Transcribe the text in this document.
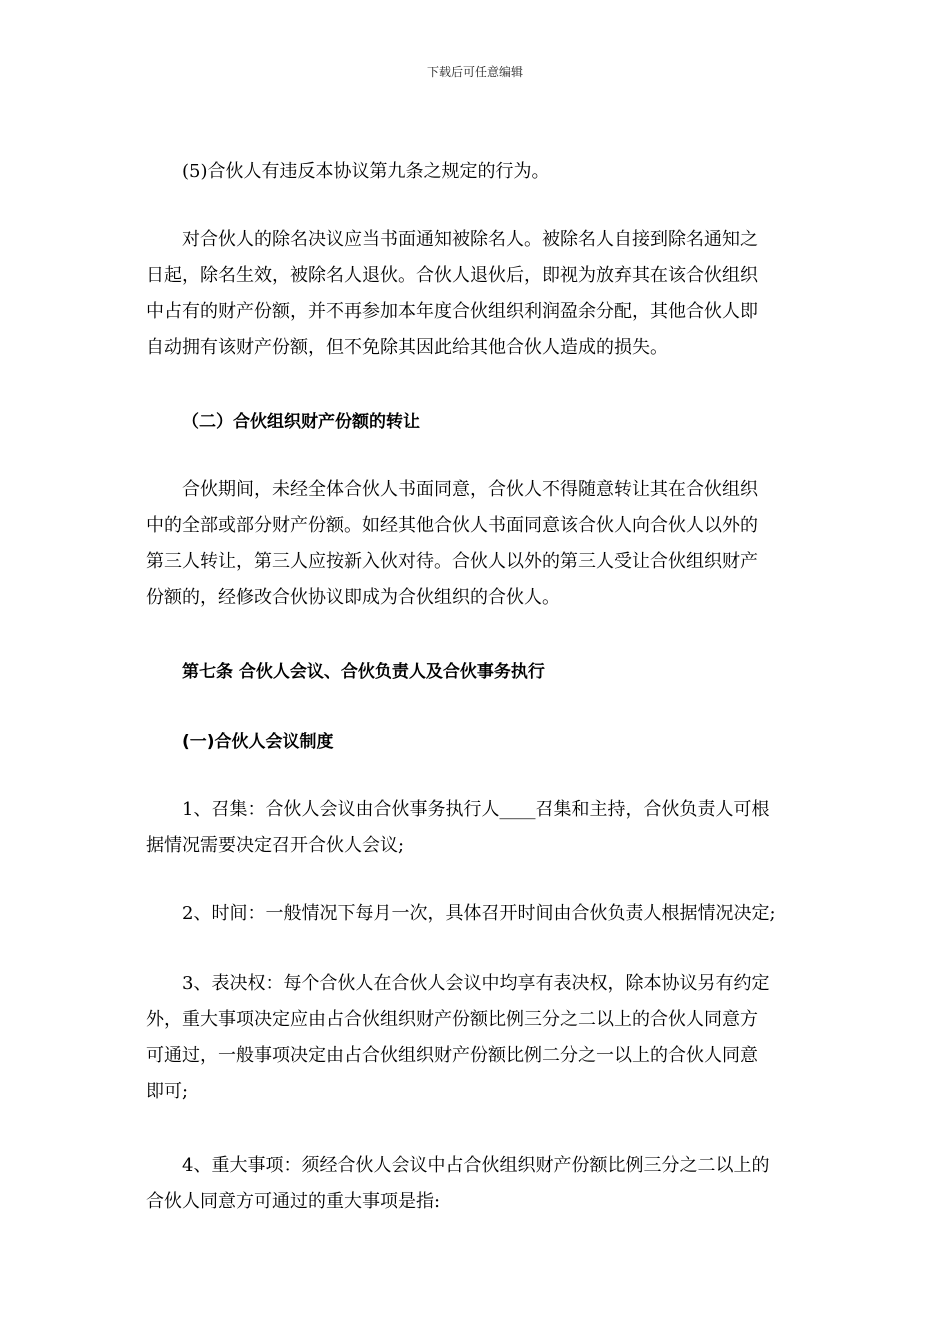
下载后可任意编辑
(5)合伙人有违反本协议第九条之规定的行为。
对合伙人的除名决议应当书面通知被除名人。被除名人自接到除名通知之
日起，除名生效，被除名人退伙。合伙人退伙后，即视为放弃其在该合伙组织
中占有的财产份额，并不再参加本年度合伙组织利润盈余分配，其他合伙人即
自动拥有该财产份额，但不免除其因此给其他合伙人造成的损失。
（二）合伙组织财产份额的转让
合伙期间，未经全体合伙人书面同意，合伙人不得随意转让其在合伙组织
中的全部或部分财产份额。如经其他合伙人书面同意该合伙人向合伙人以外的
第三人转让，第三人应按新入伙对待。合伙人以外的第三人受让合伙组织财产
份额的，经修改合伙协议即成为合伙组织的合伙人。
第七条 合伙人会议、合伙负责人及合伙事务执行
(一)合伙人会议制度
1、召集：合伙人会议由合伙事务执行人____召集和主持，合伙负责人可根
据情况需要决定召开合伙人会议;
2、时间：一般情况下每月一次，具体召开时间由合伙负责人根据情况决定;
3、表决权：每个合伙人在合伙人会议中均享有表决权，除本协议另有约定
外，重大事项决定应由占合伙组织财产份额比例三分之二以上的合伙人同意方
可通过，一般事项决定由占合伙组织财产份额比例二分之一以上的合伙人同意
即可;
4、重大事项：须经合伙人会议中占合伙组织财产份额比例三分之二以上的
合伙人同意方可通过的重大事项是指:
